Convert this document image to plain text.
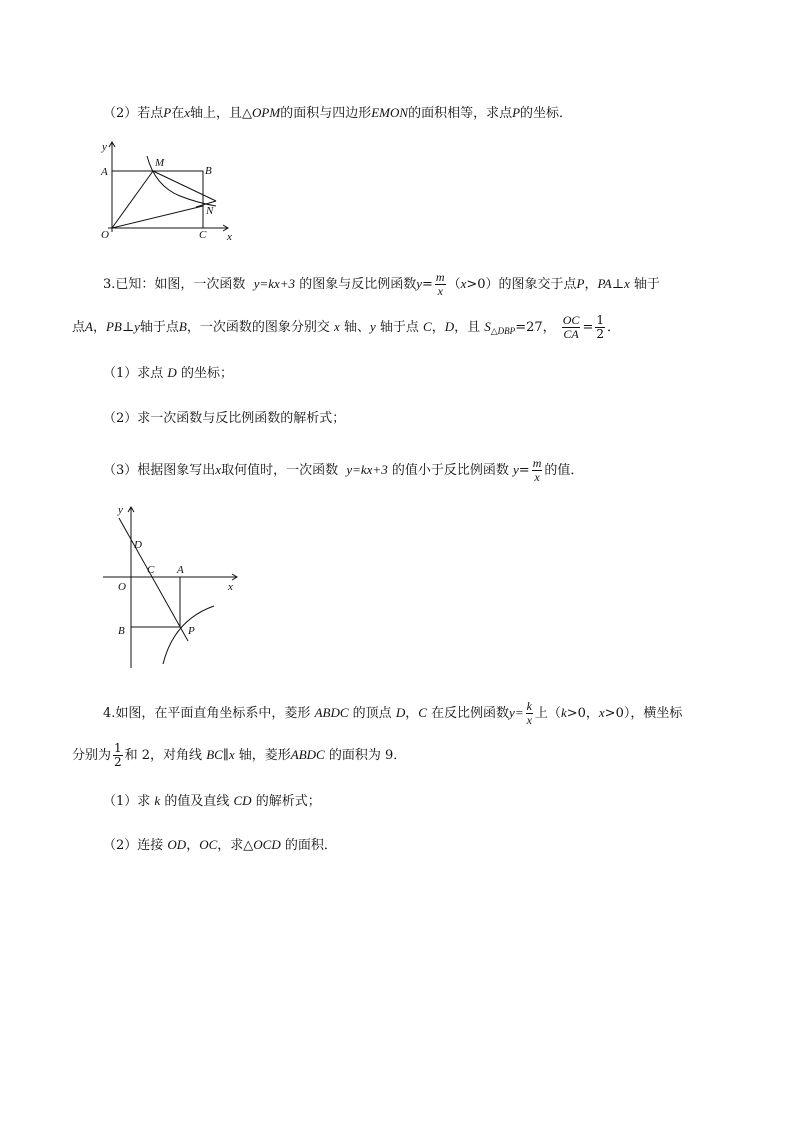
（2）若点P在x轴上，且△OPM的面积与四边形EMON的面积相等，求点P的坐标．
y
A
M
B
N
O	C x
3.已知：如图，一次函数 y=kx+3 的图象与反比例函数$y= \frac{m}{x} (x>0)$的图象交于点P，PA⊥x 轴于
点A，PB⊥y轴于点B，一次函数的图象分别交 x 轴、y 轴于点 C，D，且 $S_{\triangle DBP}=27$， $\frac{OC}{CA} = \frac{1}{2}$ ．
（1）求点 D 的坐标；
（2）求一次函数与反比例函数的解析式；
（3）根据图象写出x取何值时，一次函数 y=kx+3 的值小于反比例函数 $y= \frac{m}{x}$ 的值．
y
D
C A
O	x
B	P
4.如图，在平面直角坐标系中，菱形 ABDC 的顶点 D，C 在反比例函数$y= \frac{k}{x}$ 上（k>0，x>0），横坐标
分别为 $\frac{1}{2}$ 和 2，对角线 BC∥x 轴，菱形ABDC 的面积为 9．
（1）求 k 的值及直线 CD 的解析式；
（2）连接 OD，OC，求△OCD 的面积．
